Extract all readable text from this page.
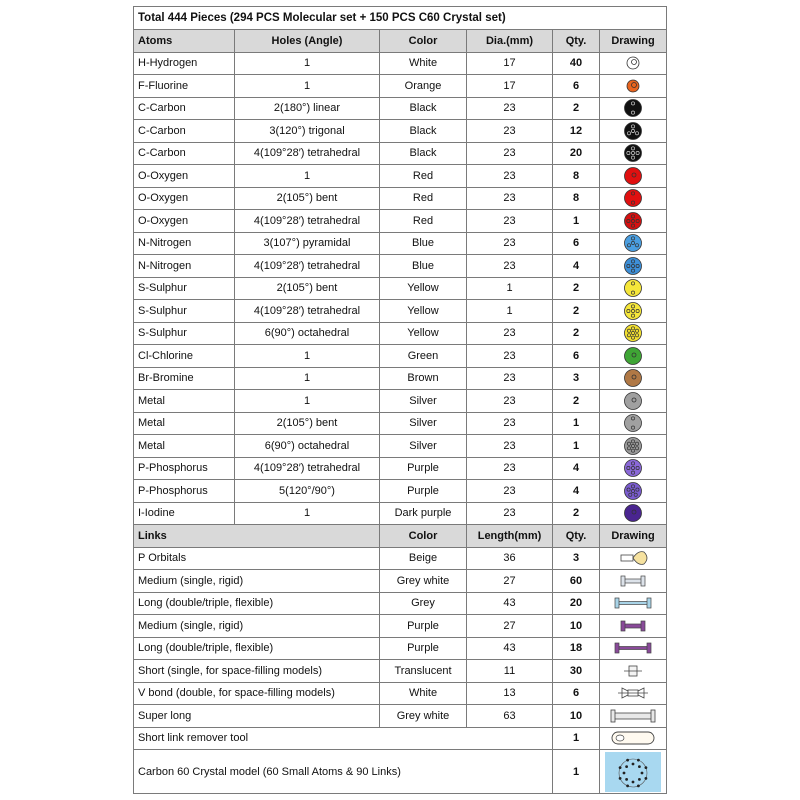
Total 444 Pieces (294 PCS Molecular set + 150 PCS C60 Crystal set)					
Atoms	Holes (Angle)	Color	Dia.(mm)	Qty.	Drawing
H-Hydrogen	1	White	17	40	

F-Fluorine	1	Orange	17	6	

C-Carbon	2(180°) linear	Black	23	2	

C-Carbon	3(120°) trigonal	Black	23	12	

C-Carbon	4(109°28′) tetrahedral	Black	23	20	

O-Oxygen	1	Red	23	8	

O-Oxygen	2(105°) bent	Red	23	8	

O-Oxygen	4(109°28′) tetrahedral	Red	23	1	

N-Nitrogen	3(107°) pyramidal	Blue	23	6	

N-Nitrogen	4(109°28′) tetrahedral	Blue	23	4	

S-Sulphur	2(105°) bent	Yellow	1	2	

S-Sulphur	4(109°28′) tetrahedral	Yellow	1	2	

S-Sulphur	6(90°) octahedral	Yellow	23	2	

Cl-Chlorine	1	Green	23	6	

Br-Bromine	1	Brown	23	3	

Metal	1	Silver	23	2	

Metal	2(105°) bent	Silver	23	1	

Metal	6(90°) octahedral	Silver	23	1	

P-Phosphorus	4(109°28′) tetrahedral	Purple	23	4	

P-Phosphorus	5(120°/90°)	Purple	23	4	

I-Iodine	1	Dark purple	23	2	

Links		Color	Length(mm)	Qty.	Drawing
P Orbitals		Beige	36	3	

Medium (single, rigid)		Grey white	27	60	

Long (double/triple, flexible)		Grey	43	20	

Medium (single, rigid)		Purple	27	10	

Long (double/triple, flexible)		Purple	43	18	

Short (single, for space-filling models)		Translucent	11	30	

V bond (double, for space-filling models)		White	13	6	

Super long		Grey white	63	10	

Short link remover tool				1	

Carbon 60 Crystal model (60 Small Atoms & 90 Links)				1	
